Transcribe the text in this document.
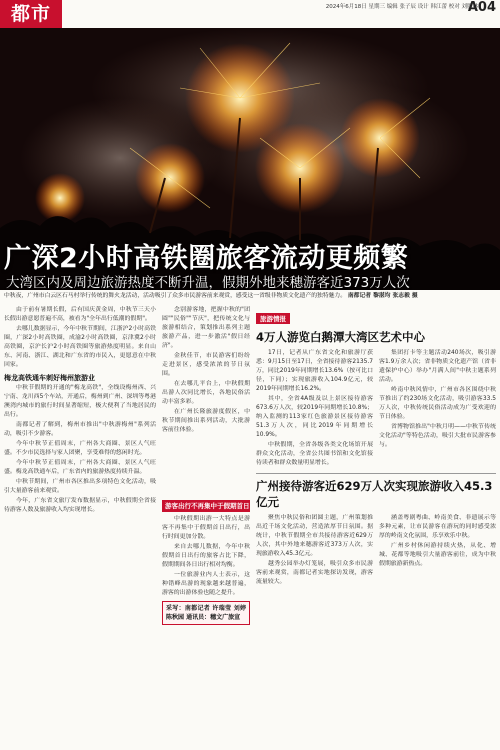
都市	2024年6月18日 星期三 编辑 张子辰 设计 韩江蕾 校对 刘胜林
A04
广深2小时高铁圈旅客流动更频繁
大湾区内及周边旅游热度不断升温，假期外地来穗游客近373万人次
中秋夜，广州市白云区石马村举行传统的舞火龙活动，活动吸引了众多市民游客前来观赏，感受这一省级非物质文化遗产的独特魅力。 南都记者 黎湛均 张志毅 摄

由于前有暑期长假，后有国庆黄金周，中秋节三天小长假出游意愿普遍不高，被看为"全年出行低潮的假期"。

去哪儿数据显示，今年中秋节期间，江浙沪2小时高铁圈，广深2小时高铁圈，成渝2小时高铁圈，京津冀2小时高铁圈，京沪长沪2小时高铁圈等旅游热度明显。来自山东、河南、浙江、湖北和广东省的市民入，更愿意在中秋回家。

梅龙高铁通车刺好梅州旅游业

中秋节假期的开通的"梅龙高铁"，全线设梅州西、兴宁南、龙川西5个车站，开通后，梅州到广州、深圳等粤港澳湾内城市的旅行时间显著缩短，极大便利了当地居民的出行。

南都记者了解到，梅州市推出"中秋游梅州"系列活动，吸引不少游客。

今年中秋节正值周末，广州各大商圈、景区人气旺盛。不少市民选择与家人团聚，享受难得的悠闲时光。

今年中秋节正值周末，广州各大商圈、景区人气旺盛。梅龙高铁通车后，广东省内的旅游热度持续升温。

中秋节期间，广州市各区推出多项特色文化活动，吸引大量游客前来观赏。

今年，广东省文旅厅发布数据显示，中秋假期全省接待游客人数及旅游收入均实现增长。

念别游客地，把握中秋的"团圆""民俗""节庆"，把传统文化与旅游相结合，策划推出系列主题旅游产品，进一步激活"假日经济"。

金秋佳节，市民游客们纷纷走进景区，感受浓浓的节日氛围。

在去哪儿平台上，中秋假期出游人次同比增长，各地民俗活动丰富多彩。

在广州长隆旅游度假区，中秋节期间推出系列活动，大批游客前往体验。

游客出行不再集中于假期首日

中秋假期出游一大特点是游客不再集中于假期首日出行，出行时间更加分散。

来自去哪儿数据，今年中秋假期首日出行的旅客占比下降，假期期间各日出行相对均衡。

一位旅游业内人士表示，这种错峰出游的现象越来越普遍，游客的出游体验也随之提升。

采写：南都记者 许瑞莹 刘婷 陈秋园 通讯员：穗文广旅宣
旅游情报
4万人游览白鹅潭大湾区艺术中心

17日，记者从广东省文化和旅游厅获悉：9月15日至17日，全省接待游客2135.7万，同比2019年同期增长13.6%（按可比口径，下同）；实现旅游收入104.9亿元，较2019年同期增长16.2%。

其中，全省4A级及以上景区接待游客673.6万人次，较2019年同期增长10.8%；纳入监测的113家红色旅游景区接待游客51.3万人次，同比2019年同期增长10.9%。

中秋假期，全省各级各类文化场馆开展群众文化活动，全省公共图书馆和文化馆接待读者和群众数量明显增长。

集团打卡等主题活动240场次，吸引游客1.9万余人次；省非物质文化遗产馆（省非遗保护中心）举办"月满人间"中秋主题系列活动。

岭南中秋风情中，广州市各区围绕中秋节推出了约230场文化活动，吸引游客33.5万人次，中秋传统民俗活动成为广受欢迎的节日体验。

省博物馆推出"中秋月明——中秋节传统文化活动"等特色活动，吸引大批市民游客参与。

广州接待游客近629万人次实现旅游收入45.3亿元

聚焦中秋民俗和团圆主题，广州策划推出近千场文化活动，营造浓厚节日氛围。据统计，中秋节假期全市共接待游客近629万人次，其中外地来穗游客近373万人次，实现旅游收入45.3亿元。

越秀公园举办灯笼展，吸引众多市民游客前来观赏，南都记者实地探访发现，游客流量较大。

涵盖粤剧粤曲、岭南美食、非遗展示等多种元素，让市民游客在游玩的同时感受浓厚的岭南文化氛围，乐享欢乐中秋。

广州乡村休闲游持续火热，从化、增城、花都等地吸引大量游客前往，成为中秋假期旅游新热点。
